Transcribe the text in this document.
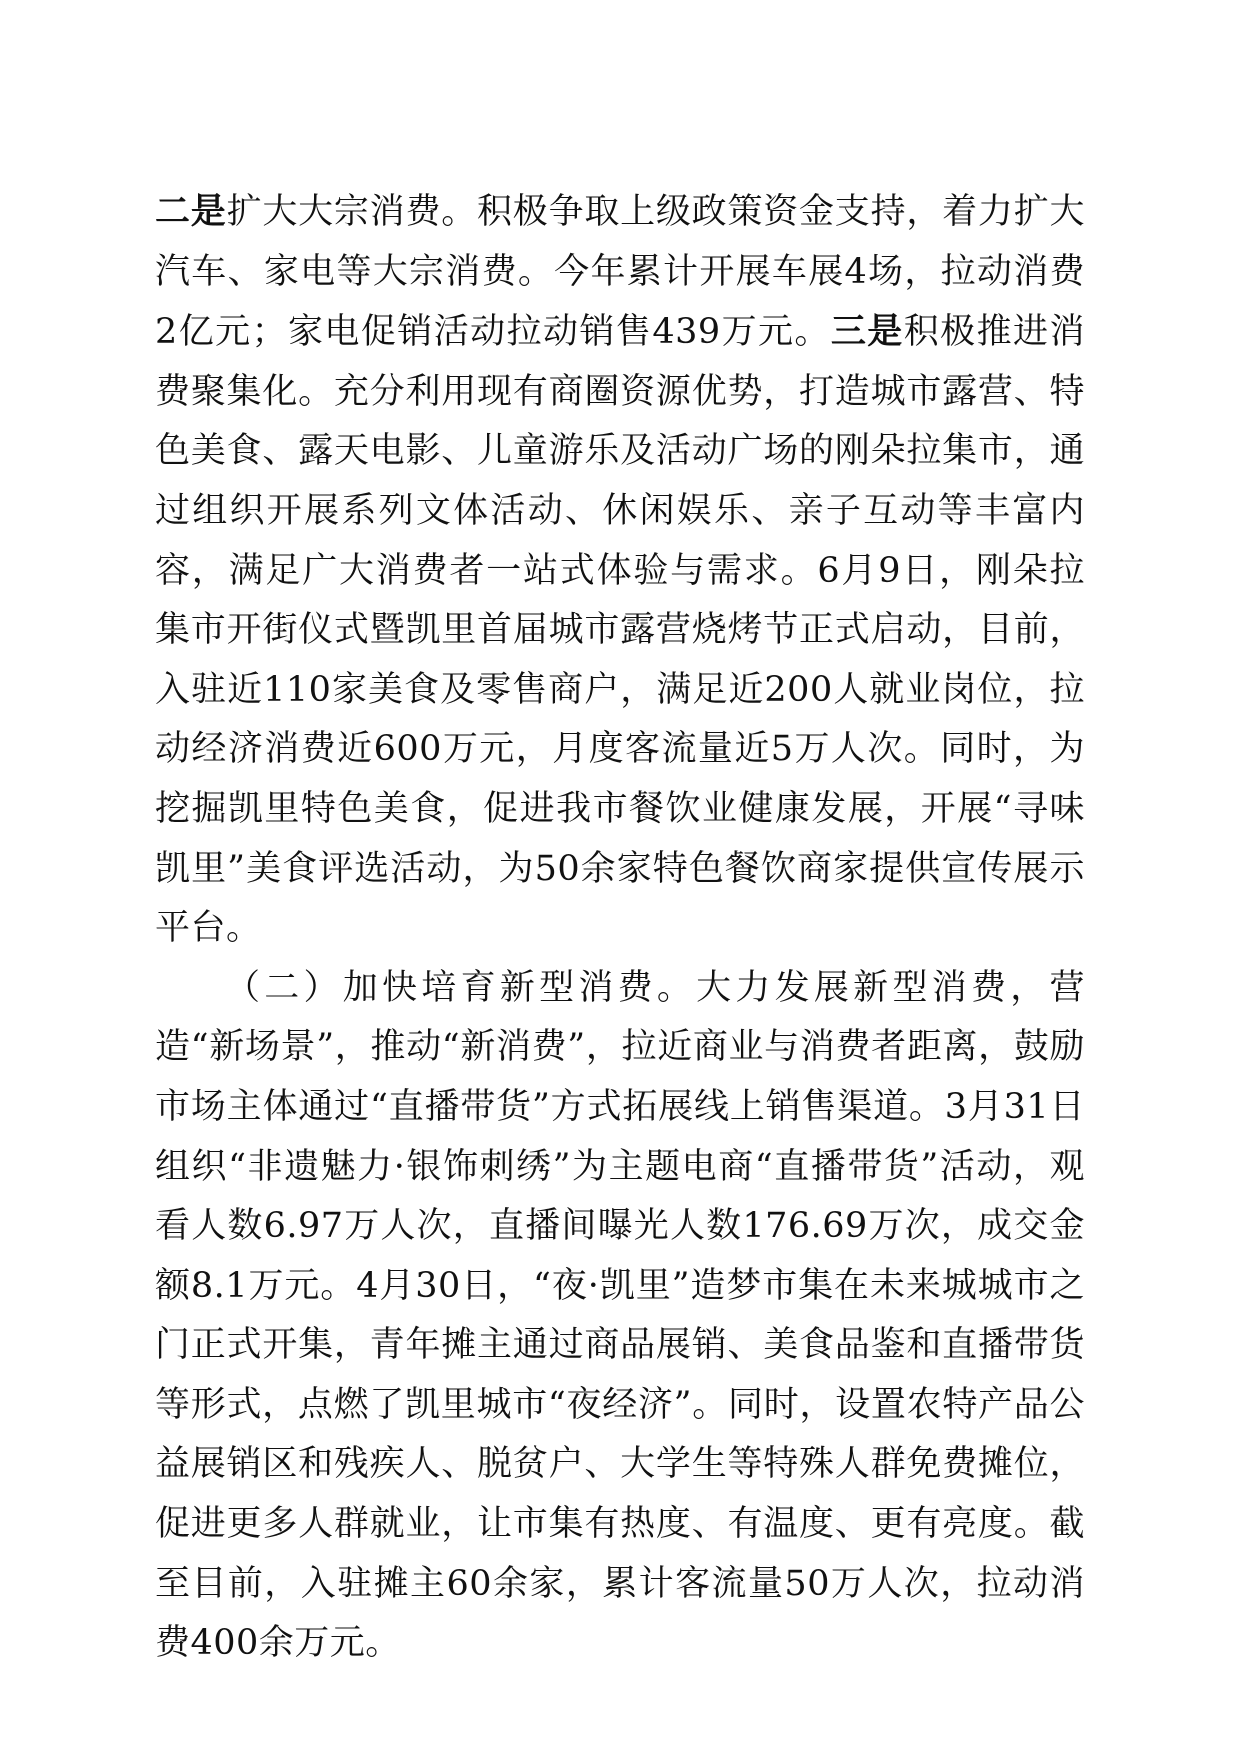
二是扩大大宗消费。积极争取上级政策资金支持，着力扩大汽车、家电等大宗消费。今年累计开展车展4场，拉动消费2亿元；家电促销活动拉动销售439万元。三是积极推进消费聚集化。充分利用现有商圈资源优势，打造城市露营、特色美食、露天电影、儿童游乐及活动广场的刚朵拉集市，通过组织开展系列文体活动、休闲娱乐、亲子互动等丰富内容，满足广大消费者一站式体验与需求。6月9日，刚朵拉集市开街仪式暨凯里首届城市露营烧烤节正式启动，目前，入驻近110家美食及零售商户，满足近200人就业岗位，拉动经济消费近600万元，月度客流量近5万人次。同时，为挖掘凯里特色美食，促进我市餐饮业健康发展，开展“寻味凯里”美食评选活动，为50余家特色餐饮商家提供宣传展示平台。

（二）加快培育新型消费。大力发展新型消费，营造“新场景”，推动“新消费”，拉近商业与消费者距离，鼓励市场主体通过“直播带货”方式拓展线上销售渠道。3月31日组织“非遗魅力·银饰刺绣”为主题电商“直播带货”活动，观看人数6.97万人次，直播间曝光人数176.69万次，成交金额8.1万元。4月30日，“夜·凯里”造梦市集在未来城城市之门正式开集，青年摊主通过商品展销、美食品鉴和直播带货等形式，点燃了凯里城市“夜经济”。同时，设置农特产品公益展销区和残疾人、脱贫户、大学生等特殊人群免费摊位，促进更多人群就业，让市集有热度、有温度、更有亮度。截至目前，入驻摊主60余家，累计客流量50万人次，拉动消费400余万元。
